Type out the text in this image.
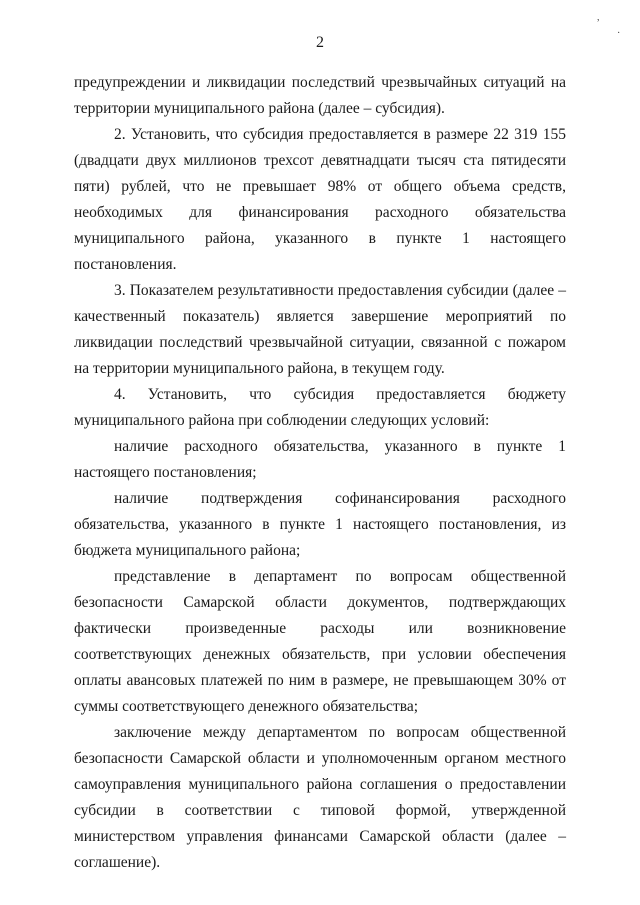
,
·
2

предупреждении и ликвидации последствий чрезвычайных ситуаций на территории муниципального района (далее – субсидия).

2. Установить, что субсидия предоставляется в размере 22 319 155 (двадцати двух миллионов трехсот девятнадцати тысяч ста пятидесяти пяти) рублей, что не превышает 98% от общего объема средств, необходимых для финансирования расходного обязательства муниципального района, указанного в пункте 1 настоящего постановления.

3. Показателем результативности предоставления субсидии (далее – качественный показатель) является завершение мероприятий по ликвидации последствий чрезвычайной ситуации, связанной с пожаром на территории муниципального района, в текущем году.

4. Установить, что субсидия предоставляется бюджету муниципального района при соблюдении следующих условий:

наличие расходного обязательства, указанного в пункте 1 настоящего постановления;

наличие подтверждения софинансирования расходного обязательства, указанного в пункте 1 настоящего постановления, из бюджета муниципального района;

представление в департамент по вопросам общественной безопасности Самарской области документов, подтверждающих фактически произведенные расходы или возникновение соответствующих денежных обязательств, при условии обеспечения оплаты авансовых платежей по ним в размере, не превышающем 30% от суммы соответствующего денежного обязательства;

заключение между департаментом по вопросам общественной безопасности Самарской области и уполномоченным органом местного самоуправления муниципального района соглашения о предоставлении субсидии в соответствии с типовой формой, утвержденной министерством управления финансами Самарской области (далее – соглашение).
